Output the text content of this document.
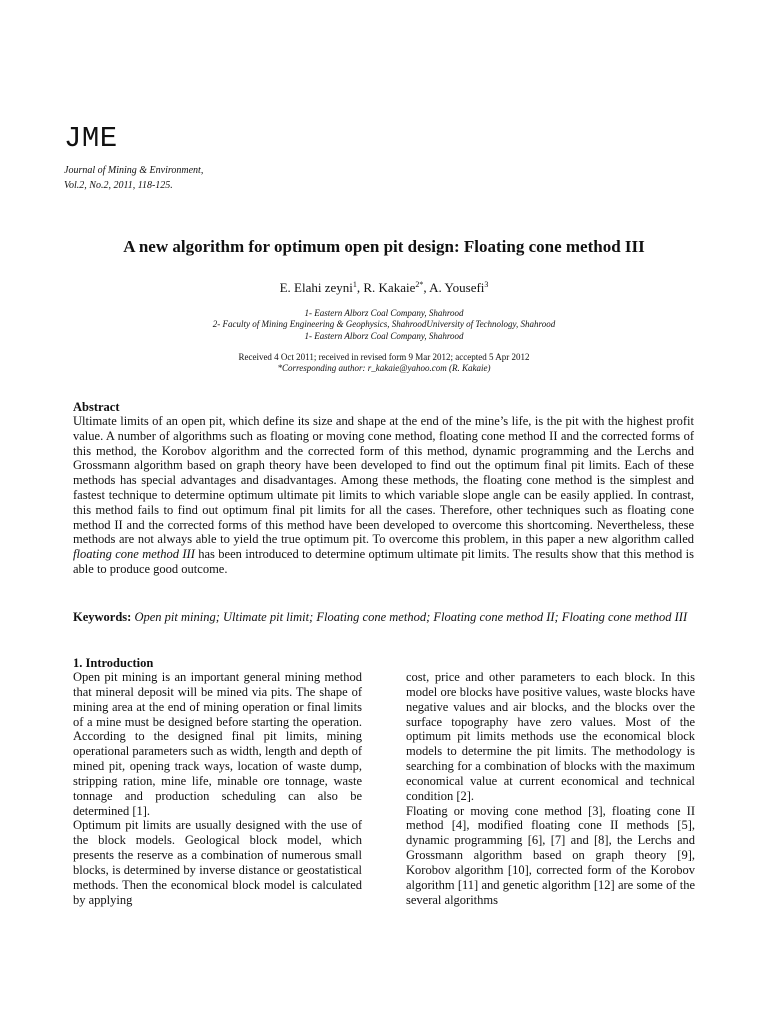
JME
Journal of Mining & Environment,
Vol.2, No.2, 2011, 118-125.
A new algorithm for optimum open pit design: Floating cone method III
E. Elahi zeyni$^1$, R. Kakaie$^{2*}$, A. Yousefi$^3$
1- Eastern Alborz Coal Company, Shahrood
2- Faculty of Mining Engineering & Geophysics, ShahroodUniversity of Technology, Shahrood
1- Eastern Alborz Coal Company, Shahrood
Received 4 Oct 2011; received in revised form 9 Mar 2012; accepted 5 Apr 2012
*Corresponding author: r_kakaie@yahoo.com (R. Kakaie)
Abstract

Ultimate limits of an open pit, which define its size and shape at the end of the mine’s life, is the pit with the highest profit value. A number of algorithms such as floating or moving cone method, floating cone method II and the corrected forms of this method, the Korobov algorithm and the corrected form of this method, dynamic programming and the Lerchs and Grossmann algorithm based on graph theory have been developed to find out the optimum final pit limits. Each of these methods has special advantages and disadvantages. Among these methods, the floating cone method is the simplest and fastest technique to determine optimum ultimate pit limits to which variable slope angle can be easily applied. In contrast, this method fails to find out optimum final pit limits for all the cases. Therefore, other techniques such as floating cone method II and the corrected forms of this method have been developed to overcome this shortcoming. Nevertheless, these methods are not always able to yield the true optimum pit. To overcome this problem, in this paper a new algorithm called floating cone method III has been introduced to determine optimum ultimate pit limits. The results show that this method is able to produce good outcome.

Keywords: Open pit mining; Ultimate pit limit; Floating cone method; Floating cone method II; Floating cone method III

1. Introduction

Open pit mining is an important general mining method that mineral deposit will be mined via pits. The shape of mining area at the end of mining operation or final limits of a mine must be designed before starting the operation. According to the designed final pit limits, mining operational parameters such as width, length and depth of mined pit, opening track ways, location of waste dump, stripping ration, mine life, minable ore tonnage, waste tonnage and production scheduling can also be determined [1].

Optimum pit limits are usually designed with the use of the block models. Geological block model, which presents the reserve as a combination of numerous small blocks, is determined by inverse distance or geostatistical methods. Then the economical block model is calculated by applying

cost, price and other parameters to each block. In this model ore blocks have positive values, waste blocks have negative values and air blocks, and the blocks over the surface topography have zero values. Most of the optimum pit limits methods use the economical block models to determine the pit limits. The methodology is searching for a combination of blocks with the maximum economical value at current economical and technical condition [2].

Floating or moving cone method [3], floating cone II method [4], modified floating cone II methods [5], dynamic programming [6], [7] and [8], the Lerchs and Grossmann algorithm based on graph theory [9], Korobov algorithm [10], corrected form of the Korobov algorithm [11] and genetic algorithm [12] are some of the several algorithms
